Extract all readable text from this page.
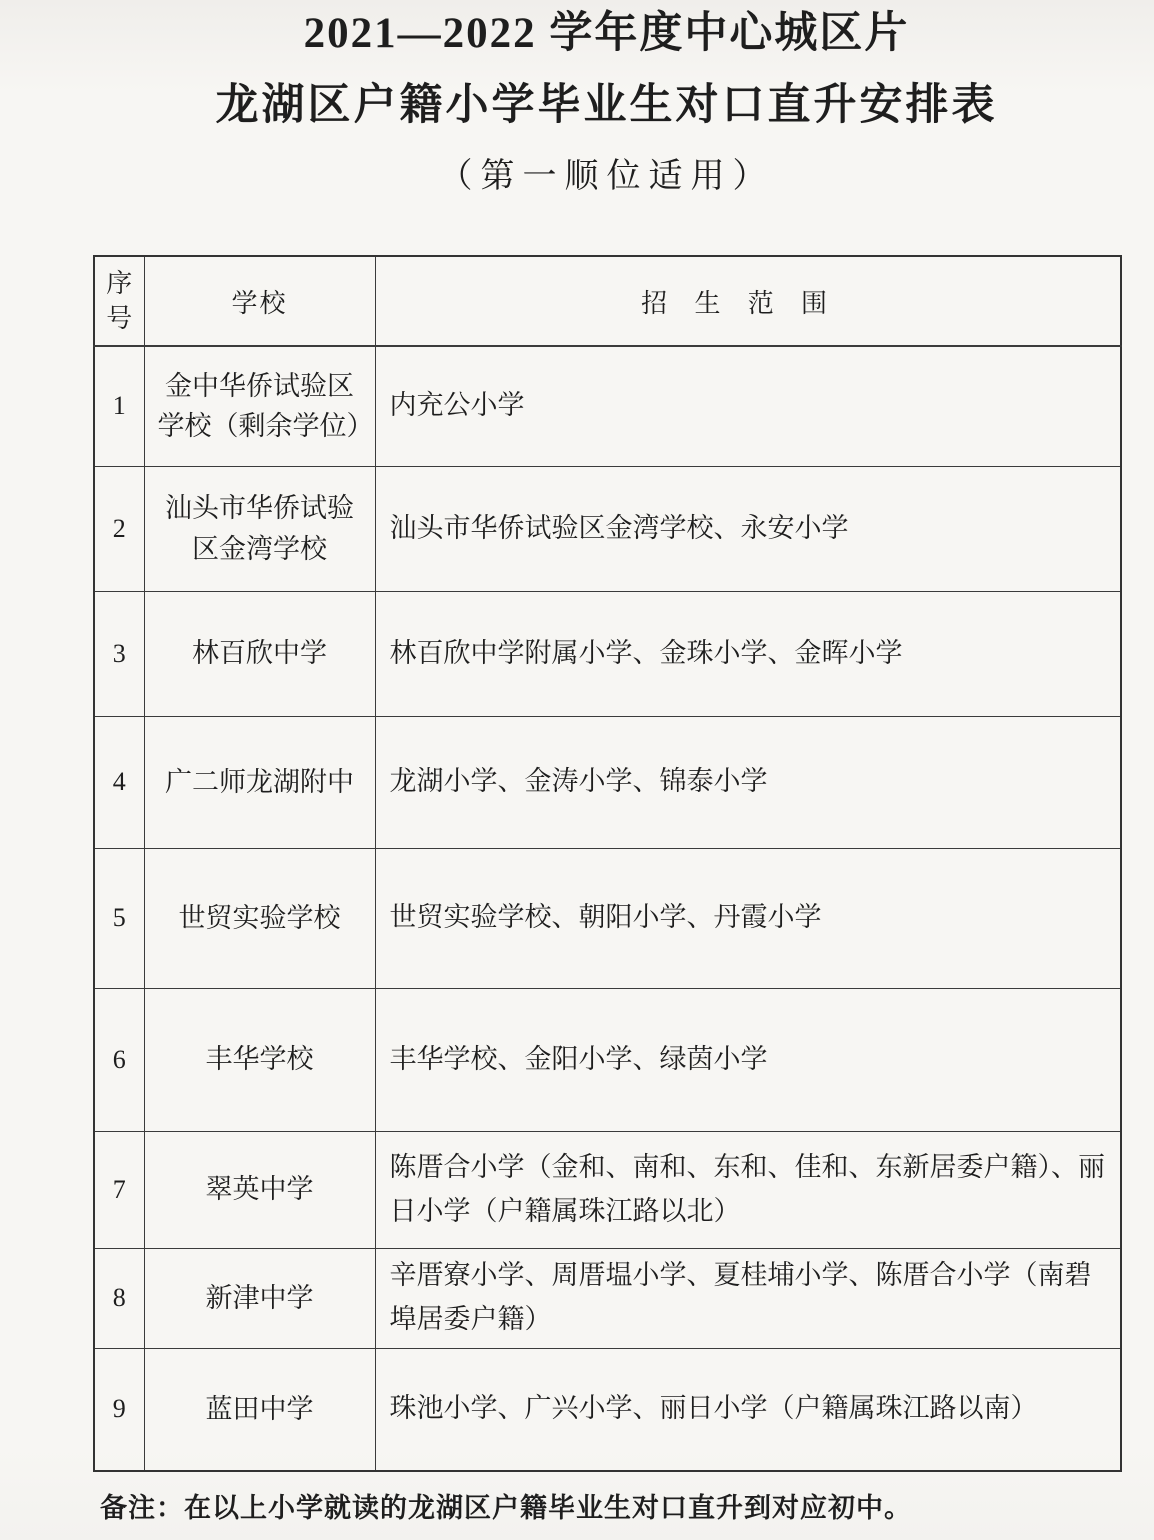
2021—2022 学年度中心城区片
龙湖区户籍小学毕业生对口直升安排表
（第一顺位适用）
序号	学校	招生范围
1	金中华侨试验区学校（剩余学位）	内充公小学
2	汕头市华侨试验区金湾学校	汕头市华侨试验区金湾学校、永安小学
3	林百欣中学	林百欣中学附属小学、金珠小学、金晖小学
4	广二师龙湖附中	龙湖小学、金涛小学、锦泰小学
5	世贸实验学校	世贸实验学校、朝阳小学、丹霞小学
6	丰华学校	丰华学校、金阳小学、绿茵小学
7	翠英中学	陈厝合小学（金和、南和、东和、佳和、东新居委户籍）、丽日小学（户籍属珠江路以北）
8	新津中学	辛厝寮小学、周厝塭小学、夏桂埔小学、陈厝合小学（南碧埠居委户籍）
9	蓝田中学	珠池小学、广兴小学、丽日小学（户籍属珠江路以南）
备注：在以上小学就读的龙湖区户籍毕业生对口直升到对应初中。
